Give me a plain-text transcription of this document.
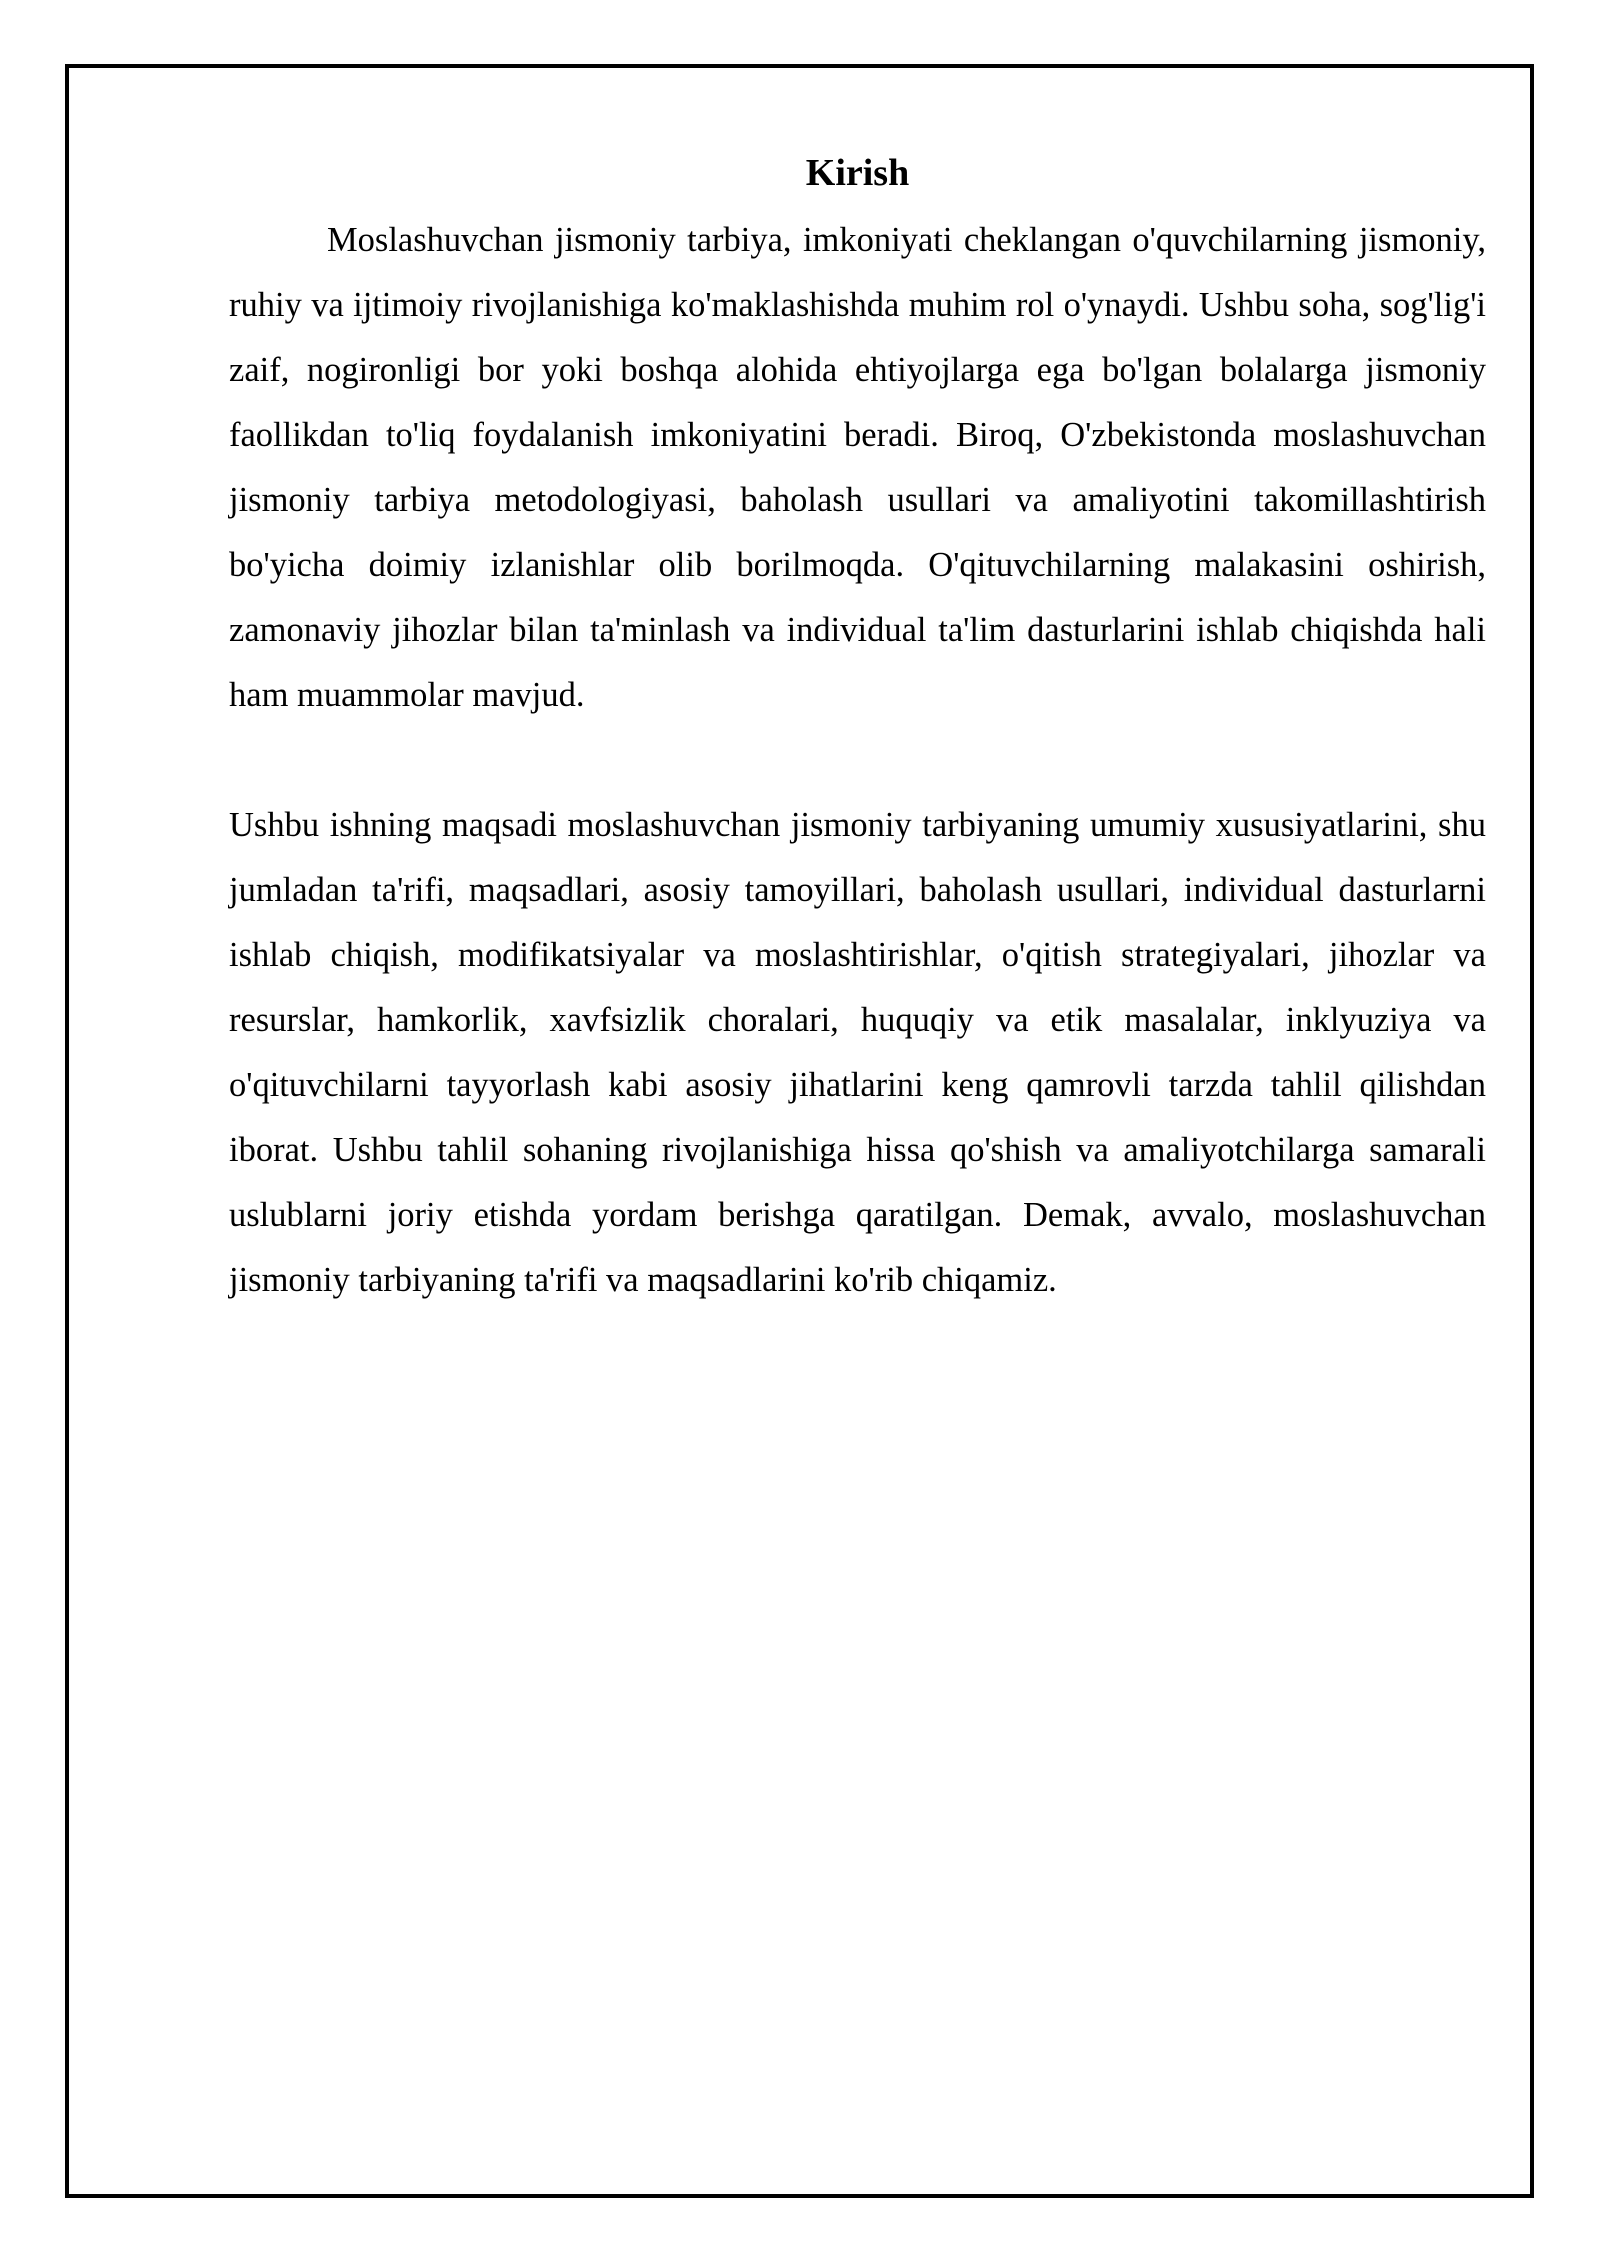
Kirish

Moslashuvchan jismoniy tarbiya, imkoniyati cheklangan o'quvchilarning jismoniy, ruhiy va ijtimoiy rivojlanishiga ko'maklashishda muhim rol o'ynaydi. Ushbu soha, sog'lig'i zaif, nogironligi bor yoki boshqa alohida ehtiyojlarga ega bo'lgan bolalarga jismoniy faollikdan to'liq foydalanish imkoniyatini beradi. Biroq, O'zbekistonda moslashuvchan jismoniy tarbiya metodologiyasi, baholash usullari va amaliyotini takomillashtirish bo'yicha doimiy izlanishlar olib borilmoqda. O'qituvchilarning malakasini oshirish, zamonaviy jihozlar bilan ta'minlash va individual ta'lim dasturlarini ishlab chiqishda hali ham muammolar mavjud.

Ushbu ishning maqsadi moslashuvchan jismoniy tarbiyaning umumiy xususiyatlarini, shu jumladan ta'rifi, maqsadlari, asosiy tamoyillari, baholash usullari, individual dasturlarni ishlab chiqish, modifikatsiyalar va moslashtirishlar, o'qitish strategiyalari, jihozlar va resurslar, hamkorlik, xavfsizlik choralari, huquqiy va etik masalalar, inklyuziya va o'qituvchilarni tayyorlash kabi asosiy jihatlarini keng qamrovli tarzda tahlil qilishdan iborat. Ushbu tahlil sohaning rivojlanishiga hissa qo'shish va amaliyotchilarga samarali uslublarni joriy etishda yordam berishga qaratilgan. Demak, avvalo, moslashuvchan jismoniy tarbiyaning ta'rifi va maqsadlarini ko'rib chiqamiz.
